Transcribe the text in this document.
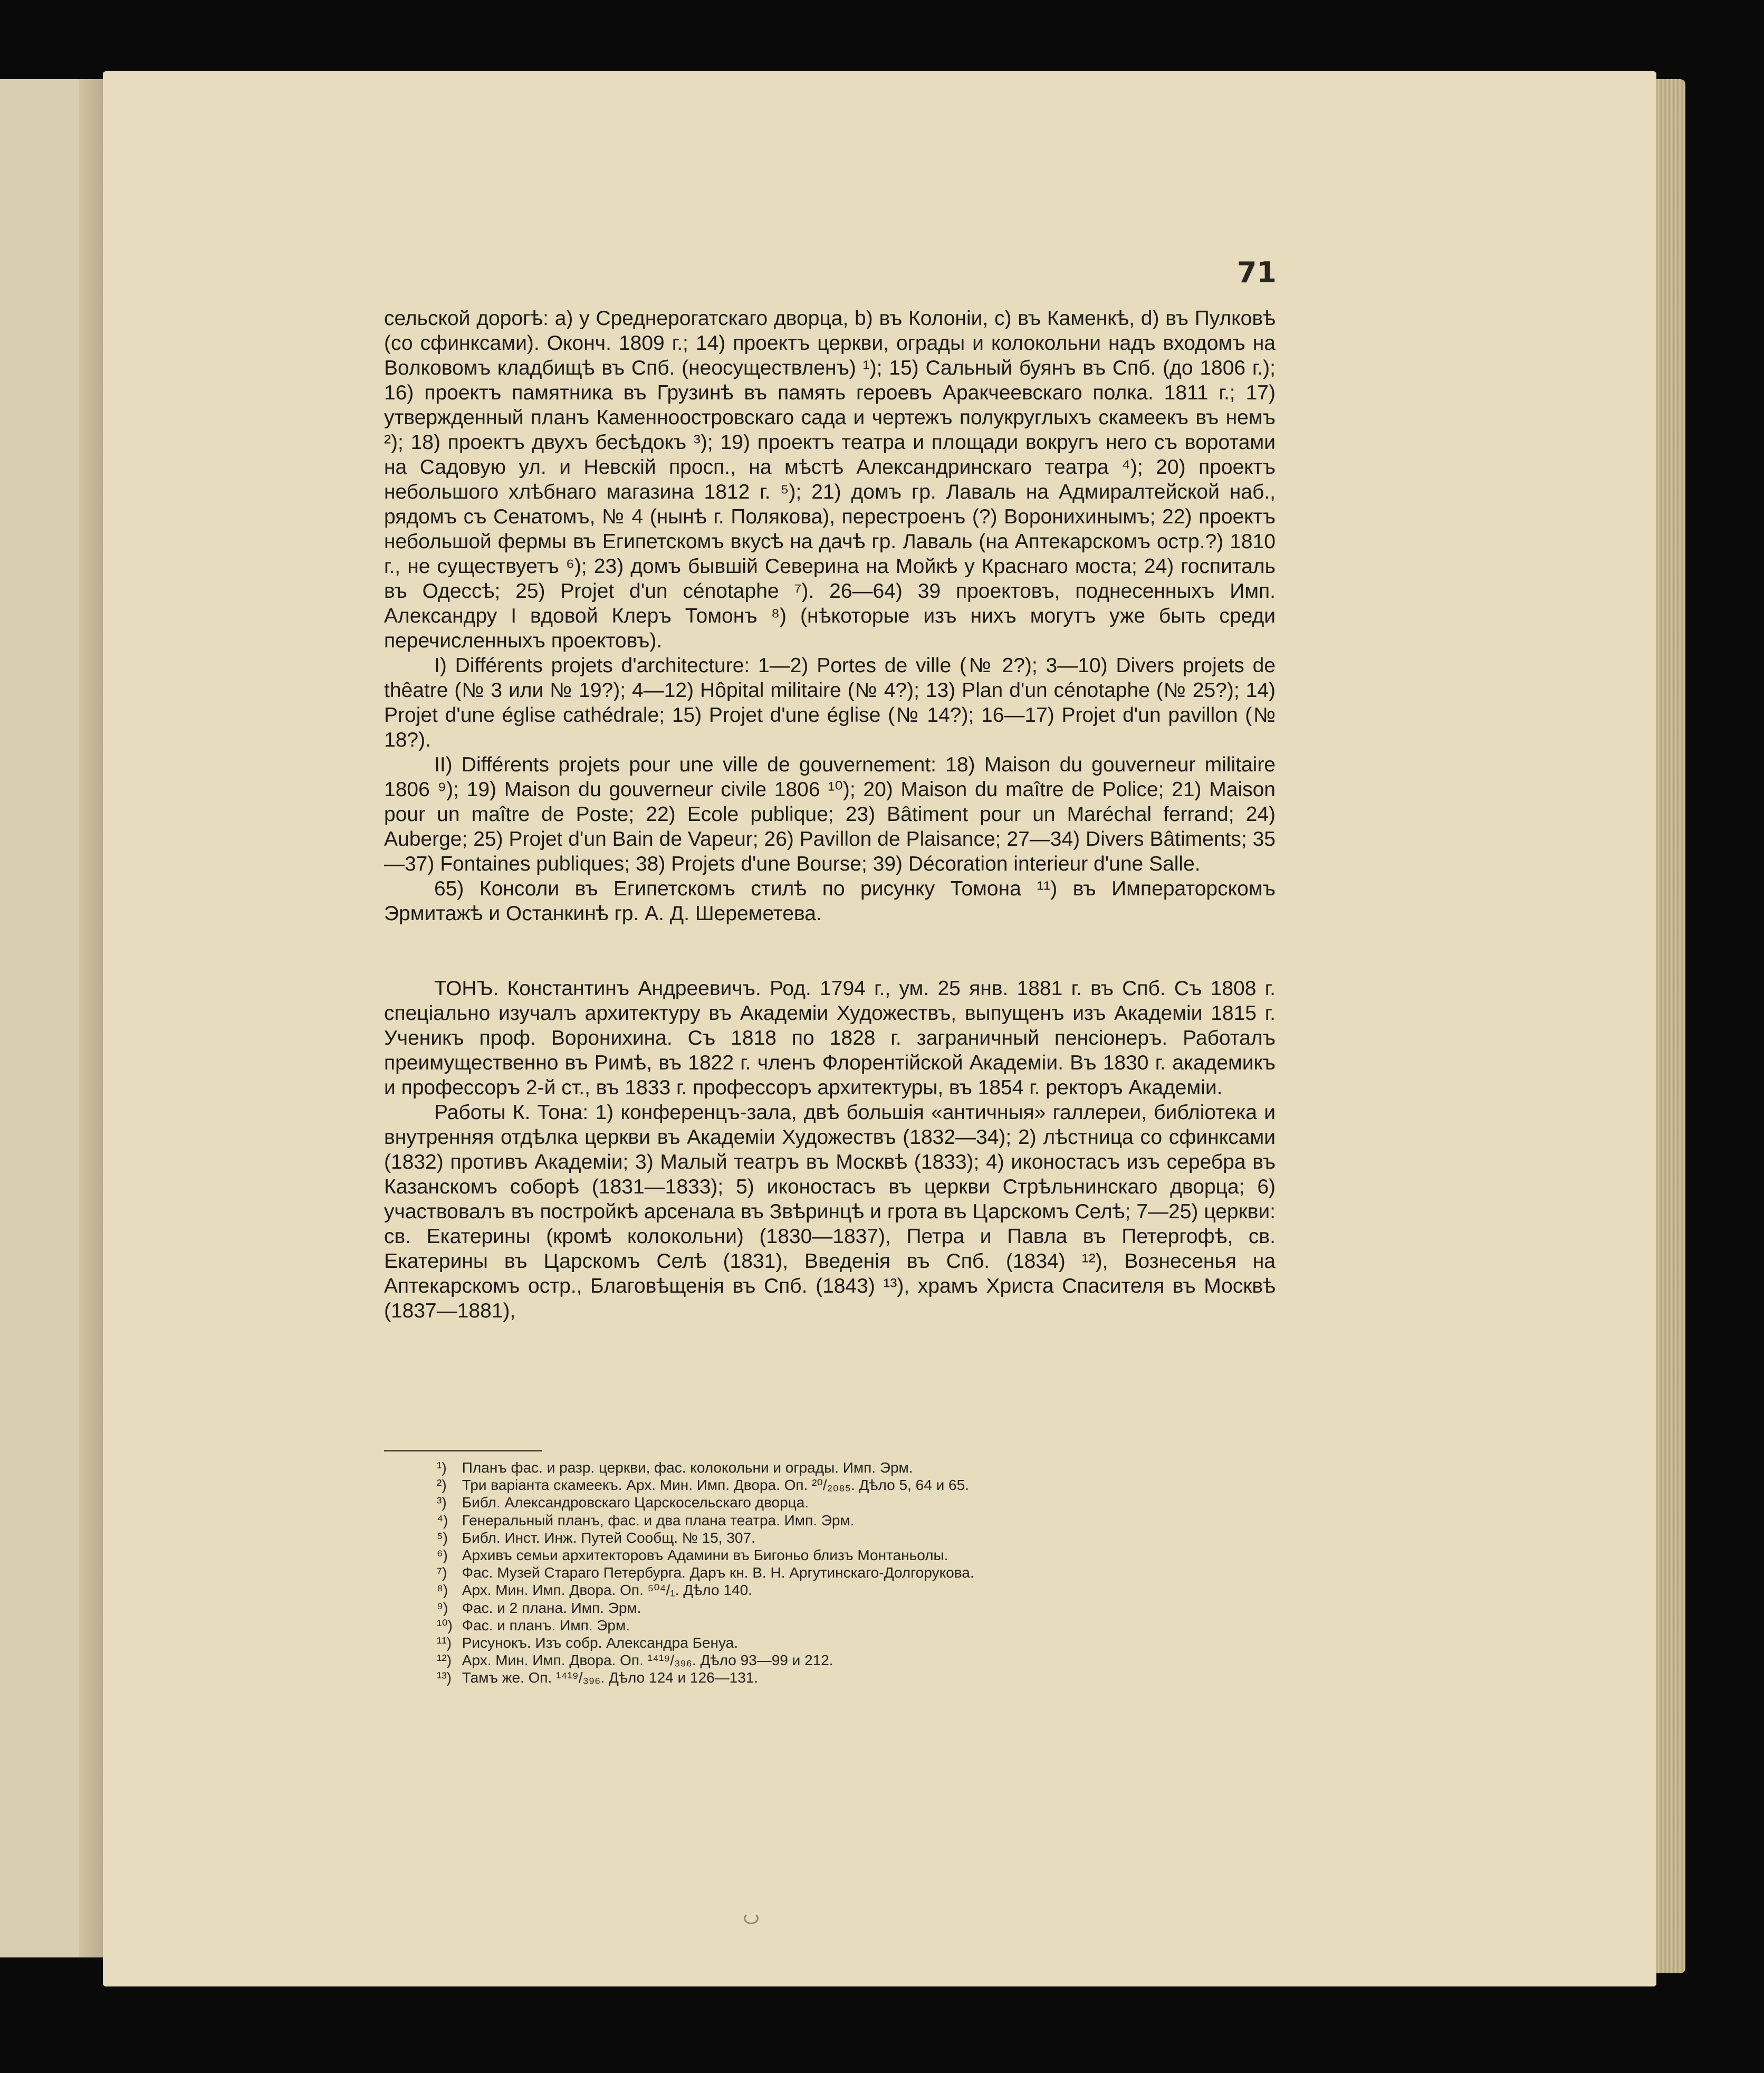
71

сельской дорогѣ: a) у Среднерогатскаго дворца, b) въ Колоніи, c) въ Каменкѣ, d) въ Пулковѣ (со сфинксами). Оконч. 1809 г.; 14) проектъ церкви, ограды и колокольни надъ входомъ на Волковомъ кладбищѣ въ Спб. (неосуществленъ) ¹); 15) Сальный буянъ въ Спб. (до 1806 г.); 16) проектъ памятника въ Грузинѣ въ память героевъ Аракчеевскаго полка. 1811 г.; 17) утвержденный планъ Каменноостровскаго сада и чертежъ полукруглыхъ скамеекъ въ немъ ²); 18) проектъ двухъ бесѣдокъ ³); 19) проектъ театра и площади вокругъ него съ воротами на Садовую ул. и Невскій просп., на мѣстѣ Александринскаго театра ⁴); 20) проектъ небольшого хлѣбнаго магазина 1812 г. ⁵); 21) домъ гр. Лаваль на Адмиралтейской наб., рядомъ съ Сенатомъ, № 4 (нынѣ г. Полякова), перестроенъ (?) Воронихинымъ; 22) проектъ небольшой фермы въ Египетскомъ вкусѣ на дачѣ гр. Лаваль (на Аптекарскомъ остр.?) 1810 г., не существуетъ ⁶); 23) домъ бывшій Северина на Мойкѣ у Краснаго моста; 24) госпиталь въ Одессѣ; 25) Projet d'un cénotaphe ⁷). 26—64) 39 проектовъ, поднесенныхъ Имп. Александру I вдовой Клеръ Томонъ ⁸) (нѣкоторые изъ нихъ могутъ уже быть среди перечисленныхъ проектовъ).

I) Différents projets d'architecture: 1—2) Portes de ville (№ 2?); 3—10) Divers projets de thêatre (№ 3 или № 19?); 4—12) Hôpital militaire (№ 4?); 13) Plan d'un cénotaphe (№ 25?); 14) Projet d'une église cathédrale; 15) Projet d'une église (№ 14?); 16—17) Projet d'un pavillon (№ 18?).

II) Différents projets pour une ville de gouvernement: 18) Maison du gouverneur militaire 1806 ⁹); 19) Maison du gouverneur civile 1806 ¹⁰); 20) Maison du maître de Police; 21) Maison pour un maître de Poste; 22) Ecole publique; 23) Bâtiment pour un Maréchal ferrand; 24) Auberge; 25) Projet d'un Bain de Vapeur; 26) Pavillon de Plaisance; 27—34) Divers Bâtiments; 35—37) Fontaines publiques; 38) Projets d'une Bourse; 39) Décoration interieur d'une Salle.

65) Консоли въ Египетскомъ стилѣ по рисунку Томона ¹¹) въ Императорскомъ Эрмитажѣ и Останкинѣ гр. А. Д. Шереметева.

ТОНЪ. Константинъ Андреевичъ. Род. 1794 г., ум. 25 янв. 1881 г. въ Спб. Съ 1808 г. спеціально изучалъ архитектуру въ Академіи Художествъ, выпущенъ изъ Академіи 1815 г. Ученикъ проф. Воронихина. Съ 1818 по 1828 г. заграничный пенсіонеръ. Работалъ преимущественно въ Римѣ, въ 1822 г. членъ Флорентійской Академіи. Въ 1830 г. академикъ и профессоръ 2-й ст., въ 1833 г. профессоръ архитектуры, въ 1854 г. ректоръ Академіи.

Работы К. Тона: 1) конференцъ-зала, двѣ большія «античныя» галлереи, библіотека и внутренняя отдѣлка церкви въ Академіи Художествъ (1832—34); 2) лѣстница со сфинксами (1832) противъ Академіи; 3) Малый театръ въ Москвѣ (1833); 4) иконостасъ изъ серебра въ Казанскомъ соборѣ (1831—1833); 5) иконостасъ въ церкви Стрѣльнинскаго дворца; 6) участвовалъ въ постройкѣ арсенала въ Звѣринцѣ и грота въ Царскомъ Селѣ; 7—25) церкви: св. Екатерины (кромѣ колокольни) (1830—1837), Петра и Павла въ Петергофѣ, св. Екатерины въ Царскомъ Селѣ (1831), Введенія въ Спб. (1834) ¹²), Вознесенья на Аптекарскомъ остр., Благовѣщенія въ Спб. (1843) ¹³), храмъ Христа Спасителя въ Москвѣ (1837—1881),

¹) Планъ фас. и разр. церкви, фас. колокольни и ограды. Имп. Эрм.
²) Три варіанта скамеекъ. Арх. Мин. Имп. Двора. Оп. ²⁰/₂₀₈₅. Дѣло 5, 64 и 65.
³) Библ. Александровскаго Царскосельскаго дворца.
⁴) Генеральный планъ, фас. и два плана театра. Имп. Эрм.
⁵) Библ. Инст. Инж. Путей Сообщ. № 15, 307.
⁶) Архивъ семьи архитекторовъ Адамини въ Бигоньо близъ Монтаньолы.
⁷) Фас. Музей Стараго Петербурга. Даръ кн. В. Н. Аргутинскаго-Долгорукова.
⁸) Арх. Мин. Имп. Двора. Оп. ⁵⁰⁴/₁. Дѣло 140.
⁹) Фас. и 2 плана. Имп. Эрм.
¹⁰) Фас. и планъ. Имп. Эрм.
¹¹) Рисунокъ. Изъ собр. Александра Бенуа.
¹²) Арх. Мин. Имп. Двора. Оп. ¹⁴¹⁹/₃₉₆. Дѣло 93—99 и 212.
¹³) Тамъ же. Оп. ¹⁴¹⁹/₃₉₆. Дѣло 124 и 126—131.
